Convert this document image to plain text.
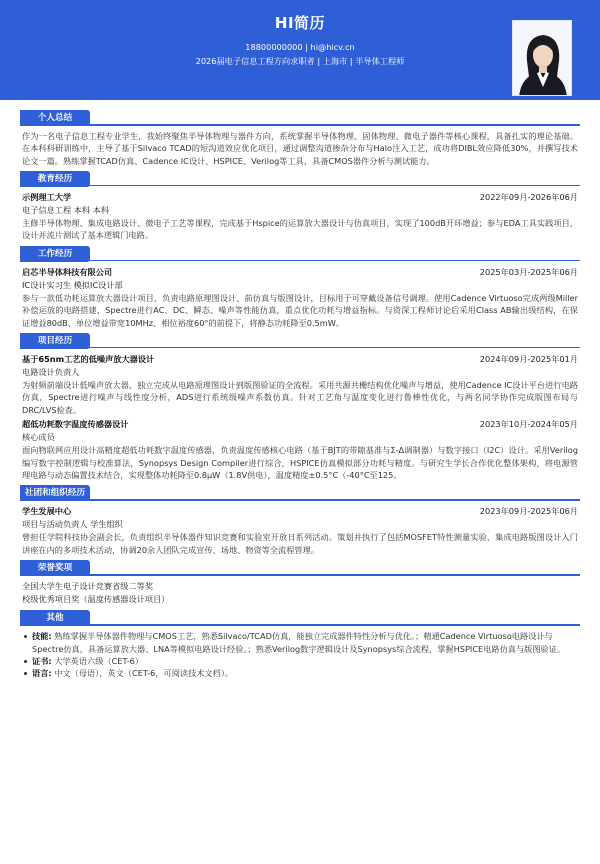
HI简历
18800000000 | hi@hicv.cn
2026届电子信息工程方向求职者 | 上海市 | 半导体工程师
个人总结
作为一名电子信息工程专业学生，我始终聚焦半导体物理与器件方向，系统掌握半导体物理、固体物理、微电子器件等核心课程，具备扎实的理论基础。在本科科研训练中，主导了基于Silvaco TCAD的短沟道效应优化项目，通过调整沟道掺杂分布与Halo注入工艺，成功将DIBL效应降低30%，并撰写技术论文一篇。熟练掌握TCAD仿真、Cadence IC设计、HSPICE、Verilog等工具，具备CMOS器件分析与测试能力。
教育经历
示例理工大学	2022年09月-2026年06月
电子信息工程 本科 本科
主修半导体物理、集成电路设计、微电子工艺等课程，完成基于Hspice的运算放大器设计与仿真项目，实现了100dB开环增益；参与EDA工具实践项目，设计并流片测试了基本逻辑门电路。
工作经历
启芯半导体科技有限公司	2025年03月-2025年06月
IC设计实习生 模拟IC设计部
参与一款低功耗运算放大器设计项目，负责电路原理图设计、前仿真与版图设计，目标用于可穿戴设备信号调理。使用Cadence Virtuoso完成两级Miller补偿运放的电路搭建，Spectre进行AC、DC、瞬态、噪声等性能仿真，重点优化功耗与增益指标。与资深工程师讨论后采用Class AB输出级结构，在保证增益80dB、单位增益带宽10MHz、相位裕度60°的前提下，将静态功耗降至0.5mW。
项目经历
基于65nm工艺的低噪声放大器设计	2024年09月-2025年01月
电路设计负责人
为射频前端设计低噪声放大器，独立完成从电路原理图设计到版图验证的全流程。采用共源共栅结构优化噪声与增益，使用Cadence IC设计平台进行电路仿真，Spectre进行噪声与线性度分析，ADS进行系统级噪声系数仿真。针对工艺角与温度变化进行鲁棒性优化，与两名同学协作完成版图布局与DRC/LVS检查。
超低功耗数字温度传感器设计	2023年10月-2024年05月
核心成员
面向物联网应用设计高精度超低功耗数字温度传感器，负责温度传感核心电路（基于BJT的带隙基准与Σ-Δ调制器）与数字接口（I2C）设计。采用Verilog编写数字控制逻辑与校准算法，Synopsys Design Compiler进行综合，HSPICE仿真模拟部分功耗与精度。与研究生学长合作优化整体架构，将电源管理电路与动态偏置技术结合，实现整体功耗降至0.8μW（1.8V供电），温度精度±0.5°C（-40°C至125。
社团和组织经历
学生发展中心	2023年09月-2025年06月
项目与活动负责人 学生组织
曾担任学院科技协会副会长，负责组织半导体器件知识竞赛和实验室开放日系列活动。策划并执行了包括MOSFET特性测量实验、集成电路版图设计入门讲座在内的多项技术活动，协调20余人团队完成宣传、场地、物资等全流程管理。
荣誉奖项
全国大学生电子设计竞赛省级二等奖
校级优秀项目奖（温度传感器设计项目）
其他
技能: 熟练掌握半导体器件物理与CMOS工艺，熟悉Silvaco/TCAD仿真，能独立完成器件特性分析与优化。；精通Cadence Virtuoso电路设计与Spectre仿真，具备运算放大器、LNA等模拟电路设计经验。；熟悉Verilog数字逻辑设计及Synopsys综合流程，掌握HSPICE电路仿真与版图验证。
证书: 大学英语六级（CET-6）
语言: 中文（母语），英文（CET-6，可阅读技术文档）。
